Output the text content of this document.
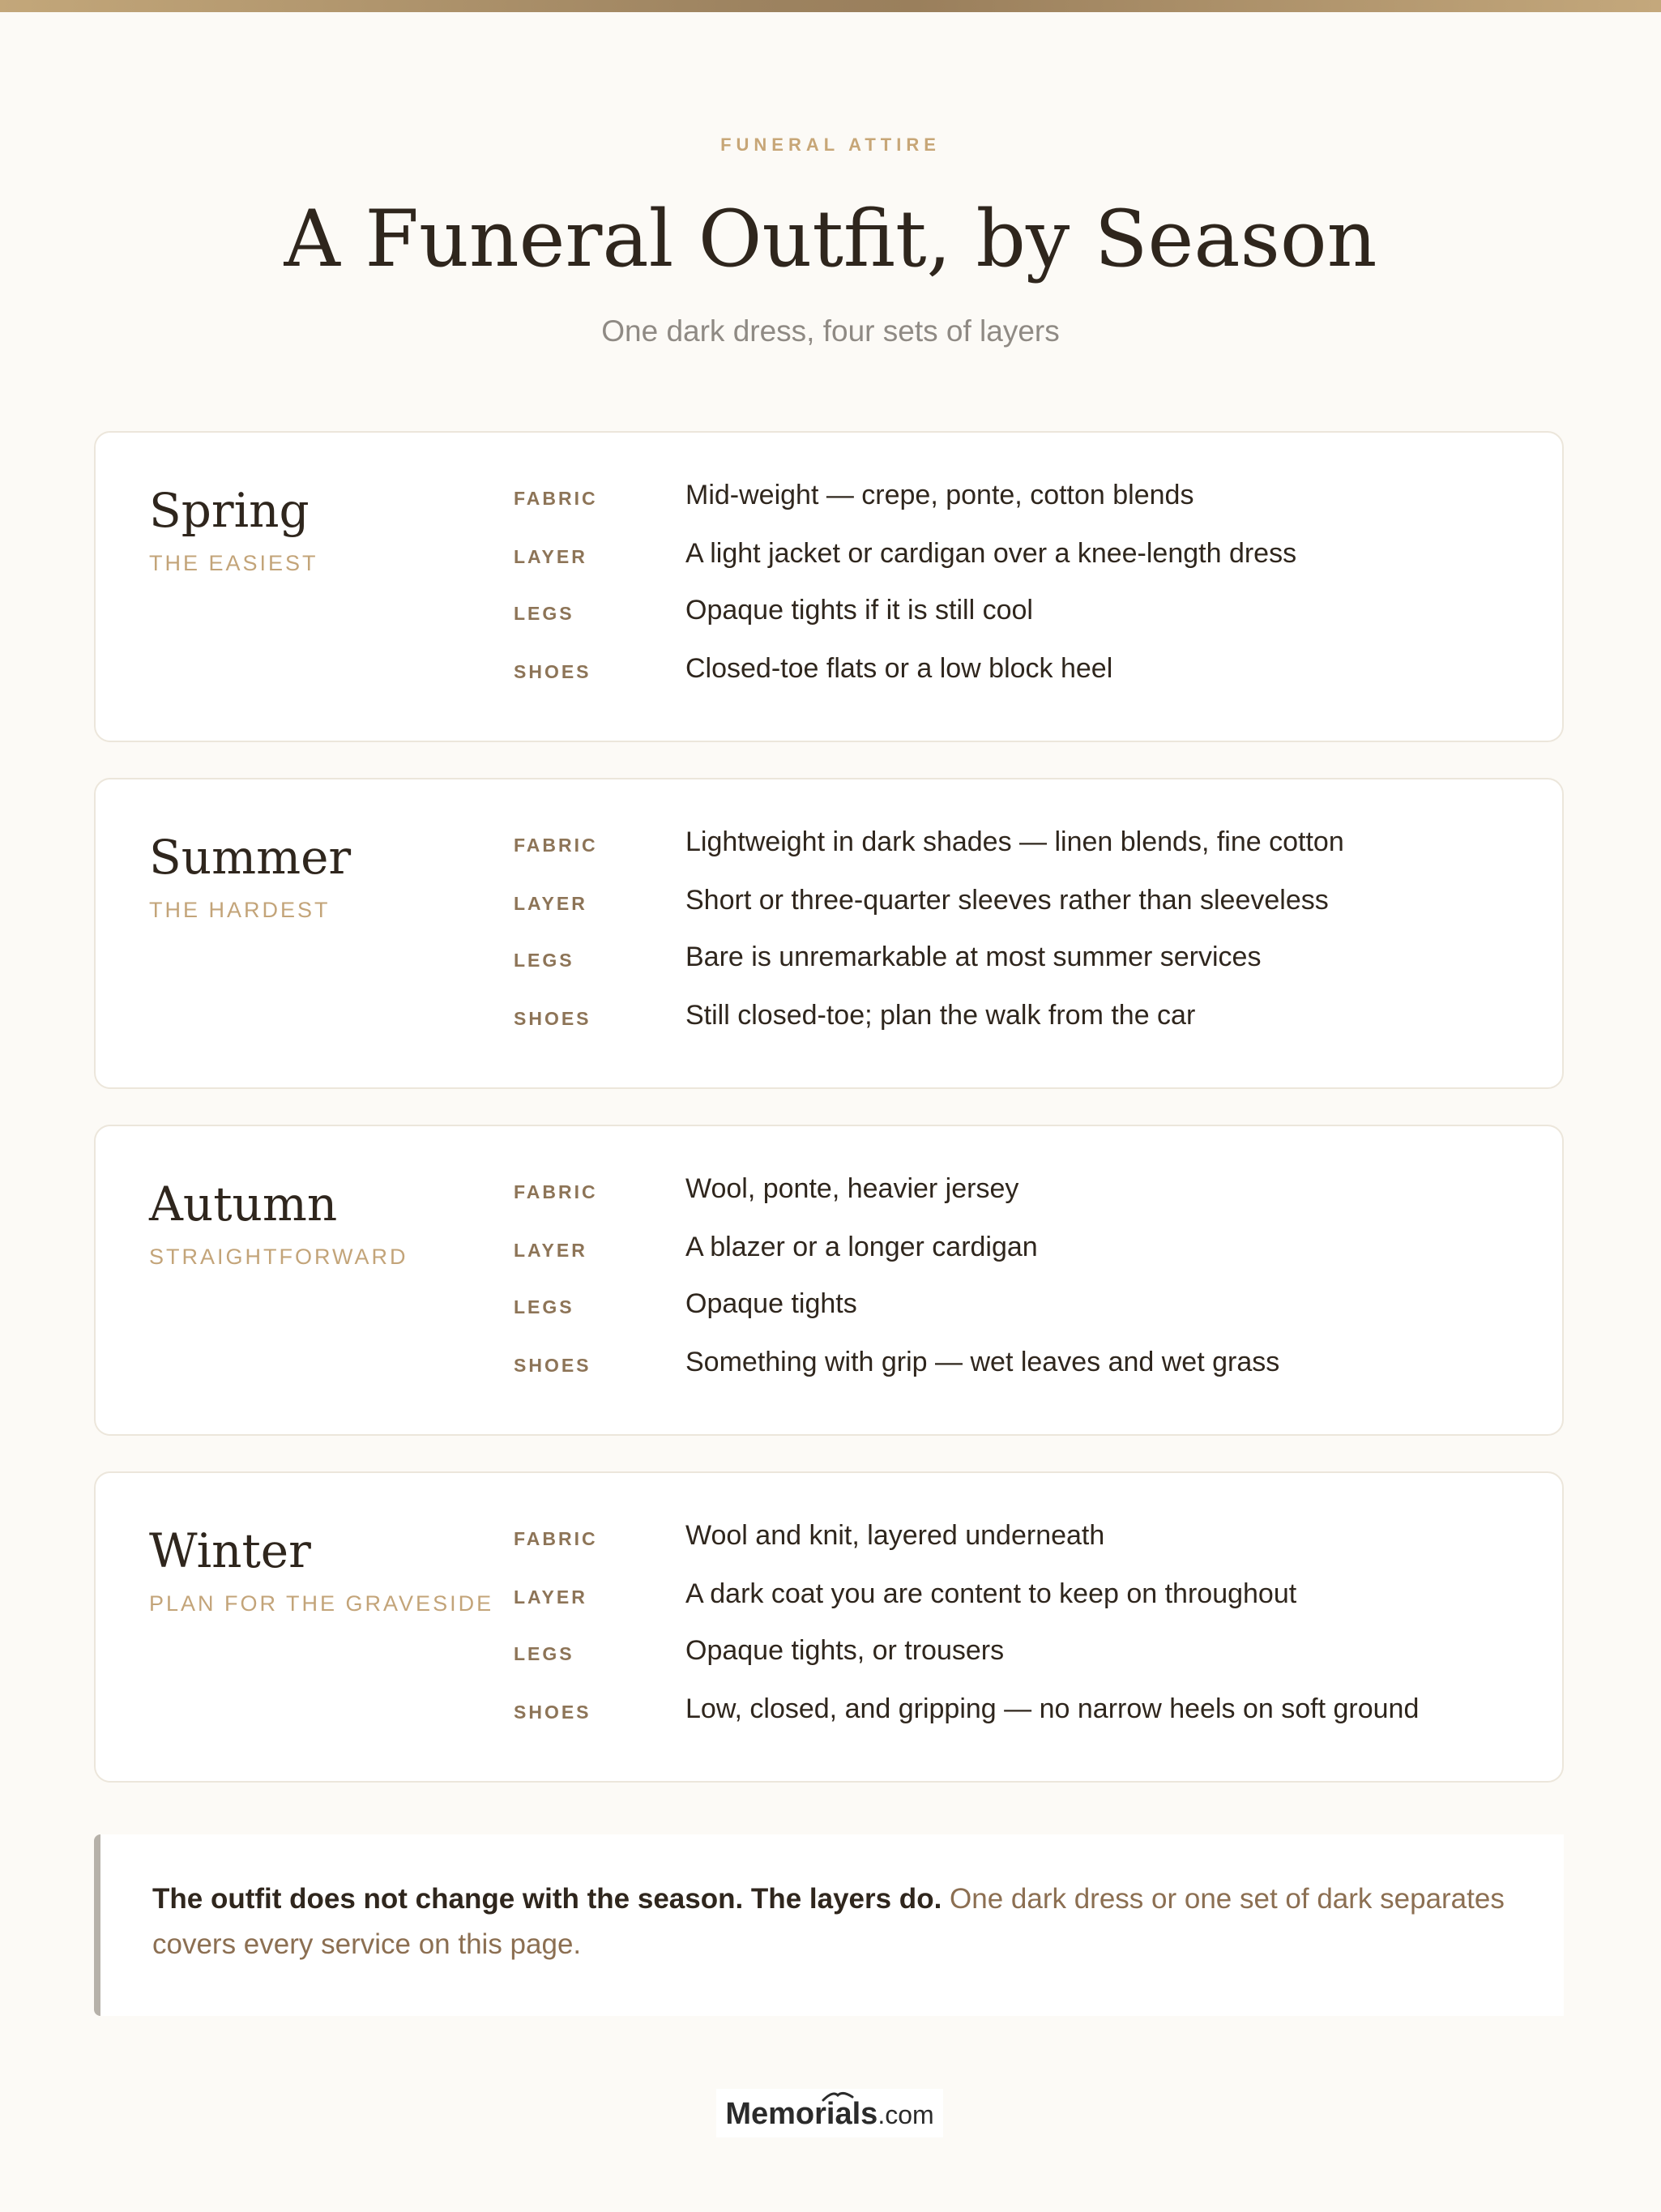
FUNERAL ATTIRE
A Funeral Outfit, by Season
One dark dress, four sets of layers
Spring
THE EASIEST
FABRIC	Mid-weight — crepe, ponte, cotton blends
LAYER	A light jacket or cardigan over a knee-length dress
LEGS	Opaque tights if it is still cool
SHOES	Closed-toe flats or a low block heel
Summer
THE HARDEST
FABRIC	Lightweight in dark shades — linen blends, fine cotton
LAYER	Short or three-quarter sleeves rather than sleeveless
LEGS	Bare is unremarkable at most summer services
SHOES	Still closed-toe; plan the walk from the car
Autumn
STRAIGHTFORWARD
FABRIC	Wool, ponte, heavier jersey
LAYER	A blazer or a longer cardigan
LEGS	Opaque tights
SHOES	Something with grip — wet leaves and wet grass
Winter
PLAN FOR THE GRAVESIDE
FABRIC	Wool and knit, layered underneath
LAYER	A dark coat you are content to keep on throughout
LEGS	Opaque tights, or trousers
SHOES	Low, closed, and gripping — no narrow heels on soft ground
The outfit does not change with the season. The layers do. One dark dress or one set of dark separates covers every service on this page.
Memorials.com
